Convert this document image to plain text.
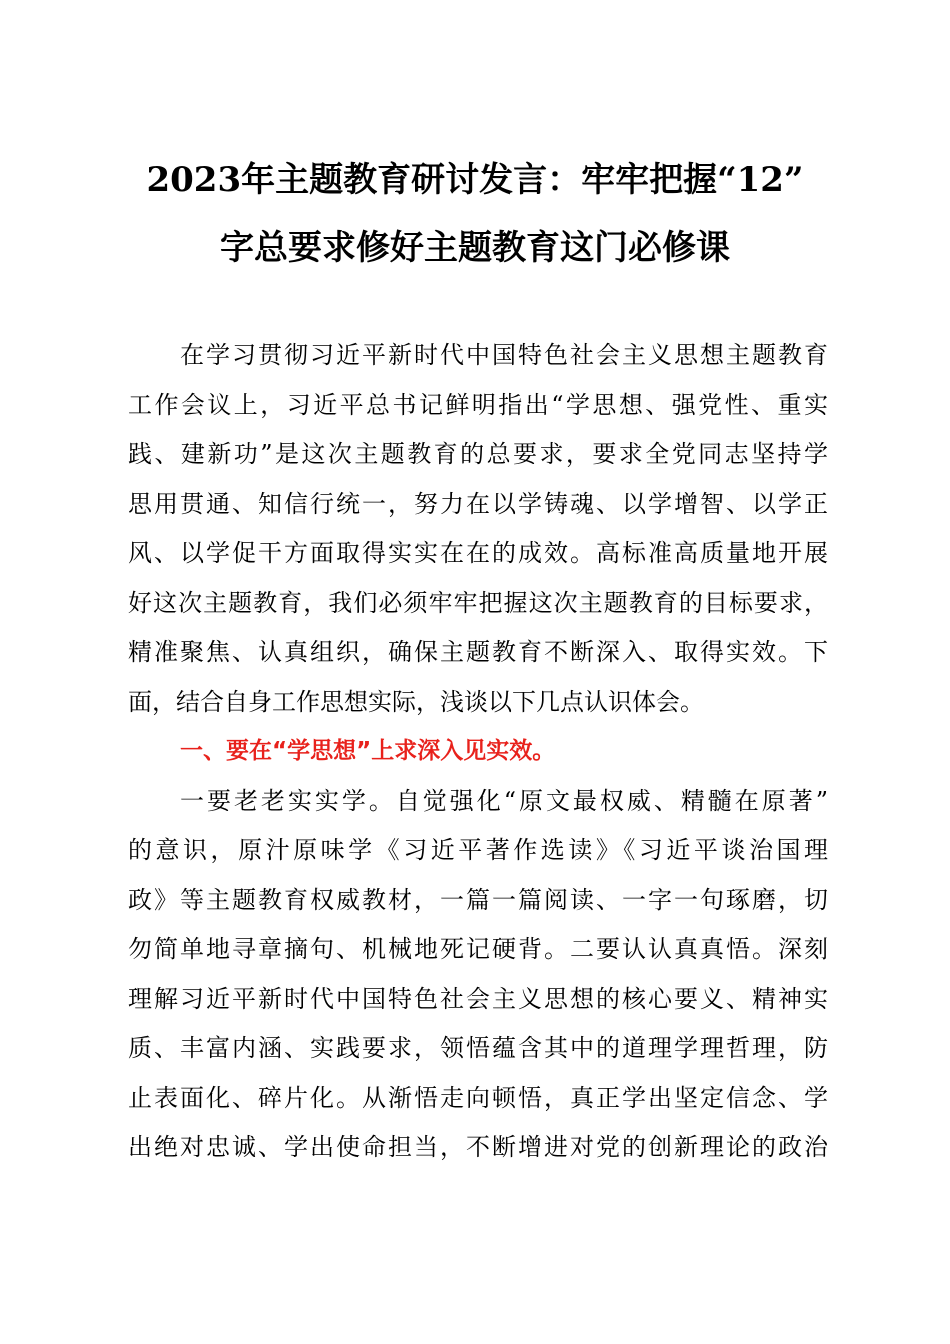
2023年主题教育研讨发言：牢牢把握“12”
字总要求修好主题教育这门必修课
在学习贯彻习近平新时代中国特色社会主义思想主题教育
工作会议上，习近平总书记鲜明指出“学思想、强党性、重实
践、建新功”是这次主题教育的总要求，要求全党同志坚持学
思用贯通、知信行统一，努力在以学铸魂、以学增智、以学正
风、以学促干方面取得实实在在的成效。高标准高质量地开展
好这次主题教育，我们必须牢牢把握这次主题教育的目标要求，
精准聚焦、认真组织，确保主题教育不断深入、取得实效。下
面，结合自身工作思想实际，浅谈以下几点认识体会。
一、要在“学思想”上求深入见实效。
一要老老实实学。自觉强化“原文最权威、精髓在原著”
的意识，原汁原味学《习近平著作选读》《习近平谈治国理
政》等主题教育权威教材，一篇一篇阅读、一字一句琢磨，切
勿简单地寻章摘句、机械地死记硬背。二要认认真真悟。深刻
理解习近平新时代中国特色社会主义思想的核心要义、精神实
质、丰富内涵、实践要求，领悟蕴含其中的道理学理哲理，防
止表面化、碎片化。从渐悟走向顿悟，真正学出坚定信念、学
出绝对忠诚、学出使命担当，不断增进对党的创新理论的政治
